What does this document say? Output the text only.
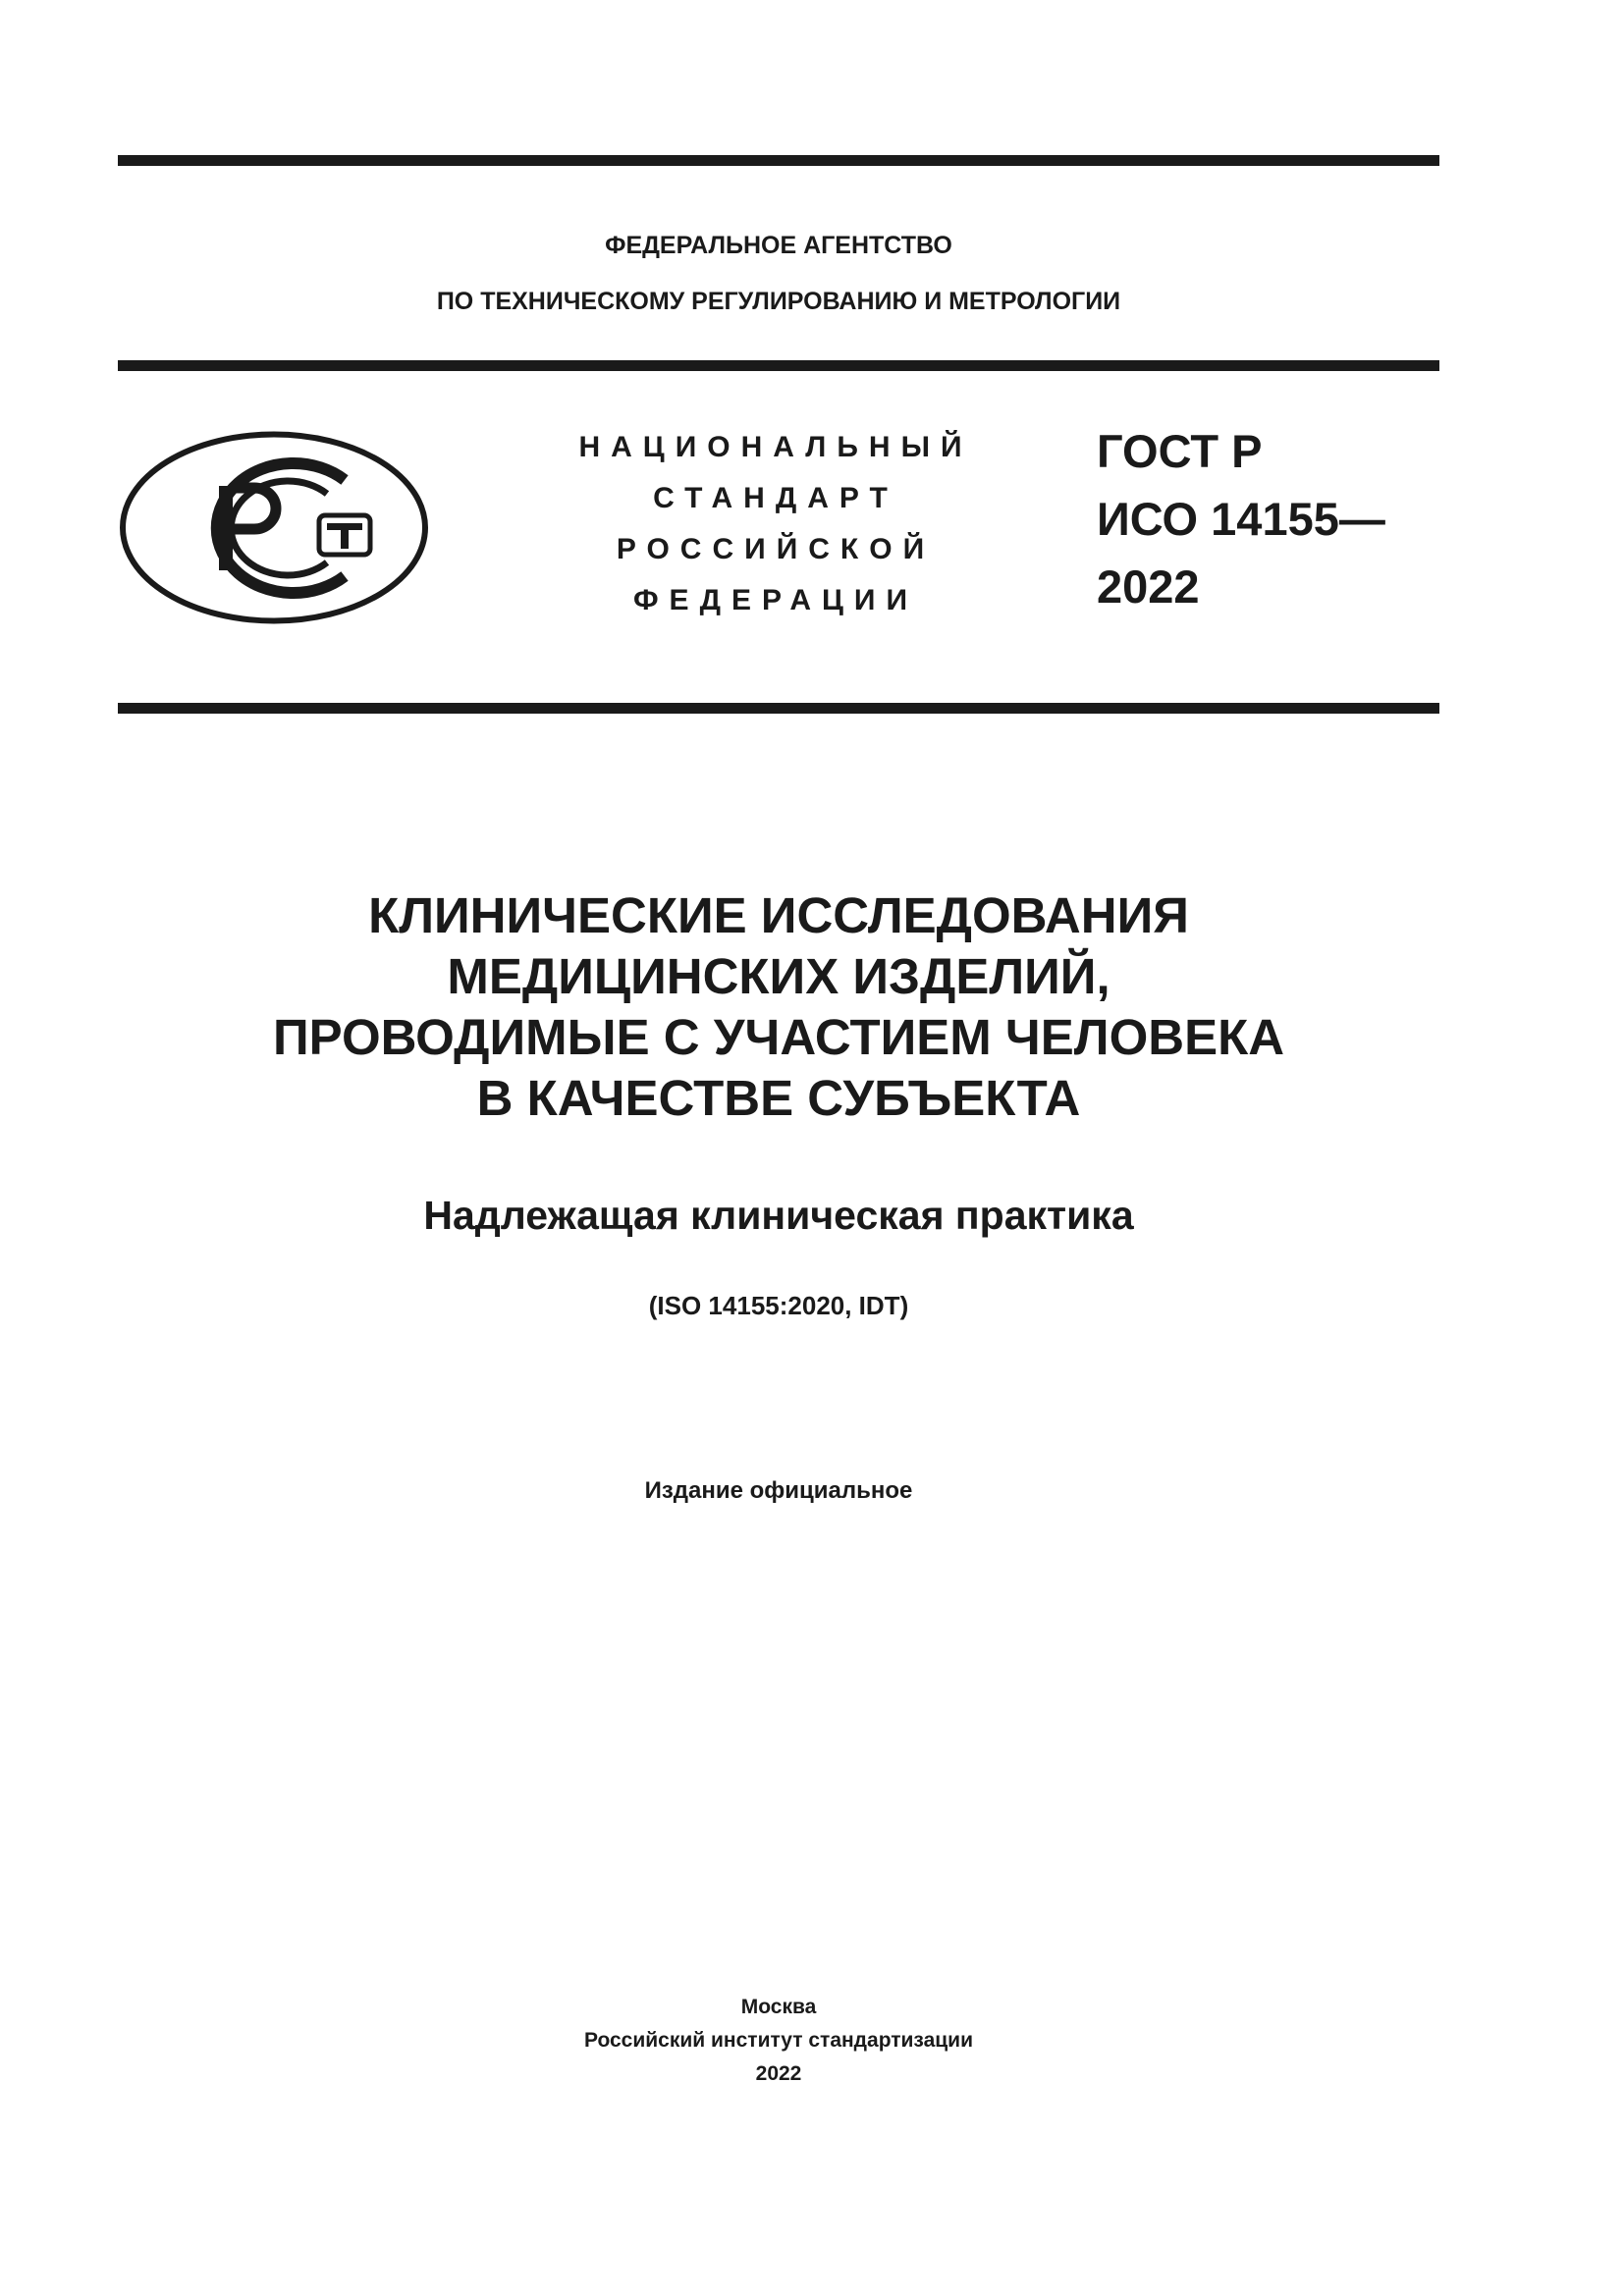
ФЕДЕРАЛЬНОЕ АГЕНТСТВО
ПО ТЕХНИЧЕСКОМУ РЕГУЛИРОВАНИЮ И МЕТРОЛОГИИ
НАЦИОНАЛЬНЫЙ
СТАНДАРТ
РОССИЙСКОЙ
ФЕДЕРАЦИИ
ГОСТ Р
ИСО 14155—
2022
КЛИНИЧЕСКИЕ ИССЛЕДОВАНИЯ
МЕДИЦИНСКИХ ИЗДЕЛИЙ,
ПРОВОДИМЫЕ С УЧАСТИЕМ ЧЕЛОВЕКА
В КАЧЕСТВЕ СУБЪЕКТА
Надлежащая клиническая практика
(ISO 14155:2020, IDT)
Издание официальное
Москва
Российский институт стандартизации
2022
